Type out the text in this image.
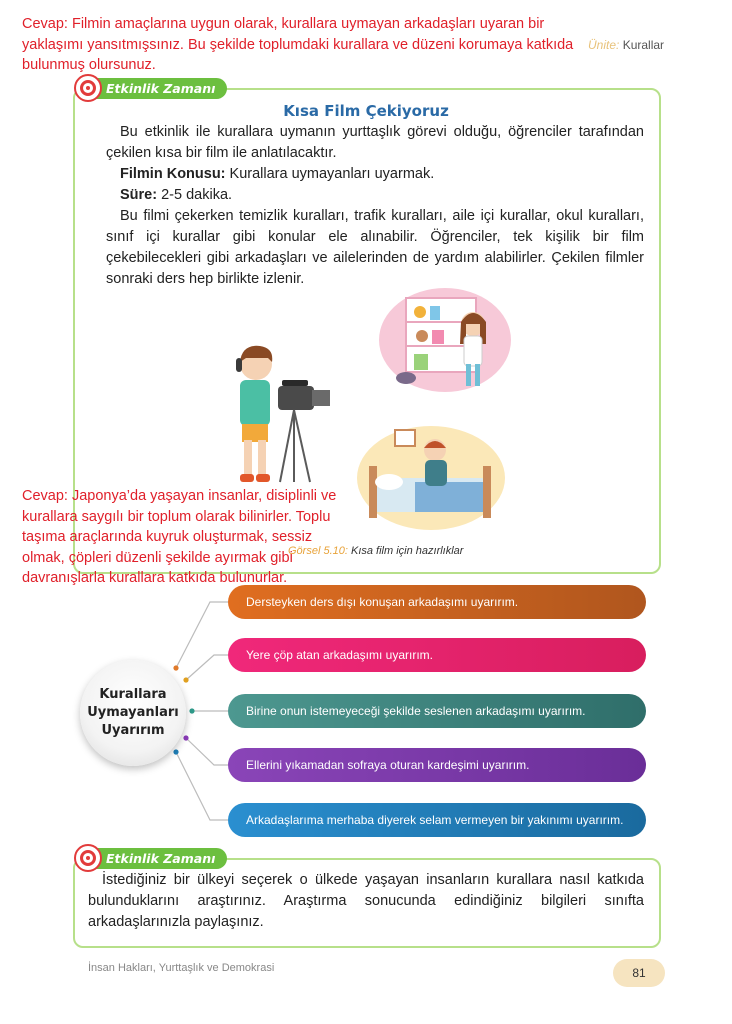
Ünite: Kurallar
Etkinlik Zamanı
Kısa Film Çekiyoruz

Bu etkinlik ile kurallara uymanın yurttaşlık görevi olduğu, öğrenciler tarafından çekilen kısa bir film ile anlatılacaktır.

Filmin Konusu: Kurallara uymayanları uyarmak.

Süre: 2-5 dakika.

Bu filmi çekerken temizlik kuralları, trafik kuralları, aile içi kurallar, okul kuralları, sınıf içi kurallar gibi konular ele alınabilir. Öğrenciler, tek kişilik bir film çekebilecekleri gibi arkadaşları ve ailelerinden de yardım alabilirler. Çekilen filmler sonraki ders hep birlikte izlenir.

Görsel 5.10: Kısa film için hazırlıklar
Kurallara
Uymayanları
Uyarırım
Dersteyken ders dışı konuşan arkadaşımı uyarırım.
Yere çöp atan arkadaşımı uyarırım.
Birine onun istemeyeceği şekilde seslenen arkadaşımı uyarırım.
Ellerini yıkamadan sofraya oturan kardeşimi uyarırım.
Arkadaşlarıma merhaba diyerek selam vermeyen bir yakınımı uyarırım.
Etkinlik Zamanı

İstediğiniz bir ülkeyi seçerek o ülkede yaşayan insanların kurallara nasıl katkıda bulunduklarını araştırınız. Araştırma sonucunda edindiğiniz bilgileri sınıfta arkadaşlarınızla paylaşınız.

İnsan Hakları, Yurttaşlık ve Demokrasi	81
Cevap: Filmin amaçlarına uygun olarak, kurallara uymayan arkadaşları uyaran bir yaklaşımı yansıtmışsınız. Bu şekilde toplumdaki kurallara ve düzeni korumaya katkıda bulunmuş olursunuz.
Cevap: Japonya’da yaşayan insanlar, disiplinli ve kurallara saygılı bir toplum olarak bilinirler. Toplu taşıma araçlarında kuyruk oluşturmak, sessiz olmak, çöpleri düzenli şekilde ayırmak gibi davranışlarla kurallara katkıda bulunurlar.
